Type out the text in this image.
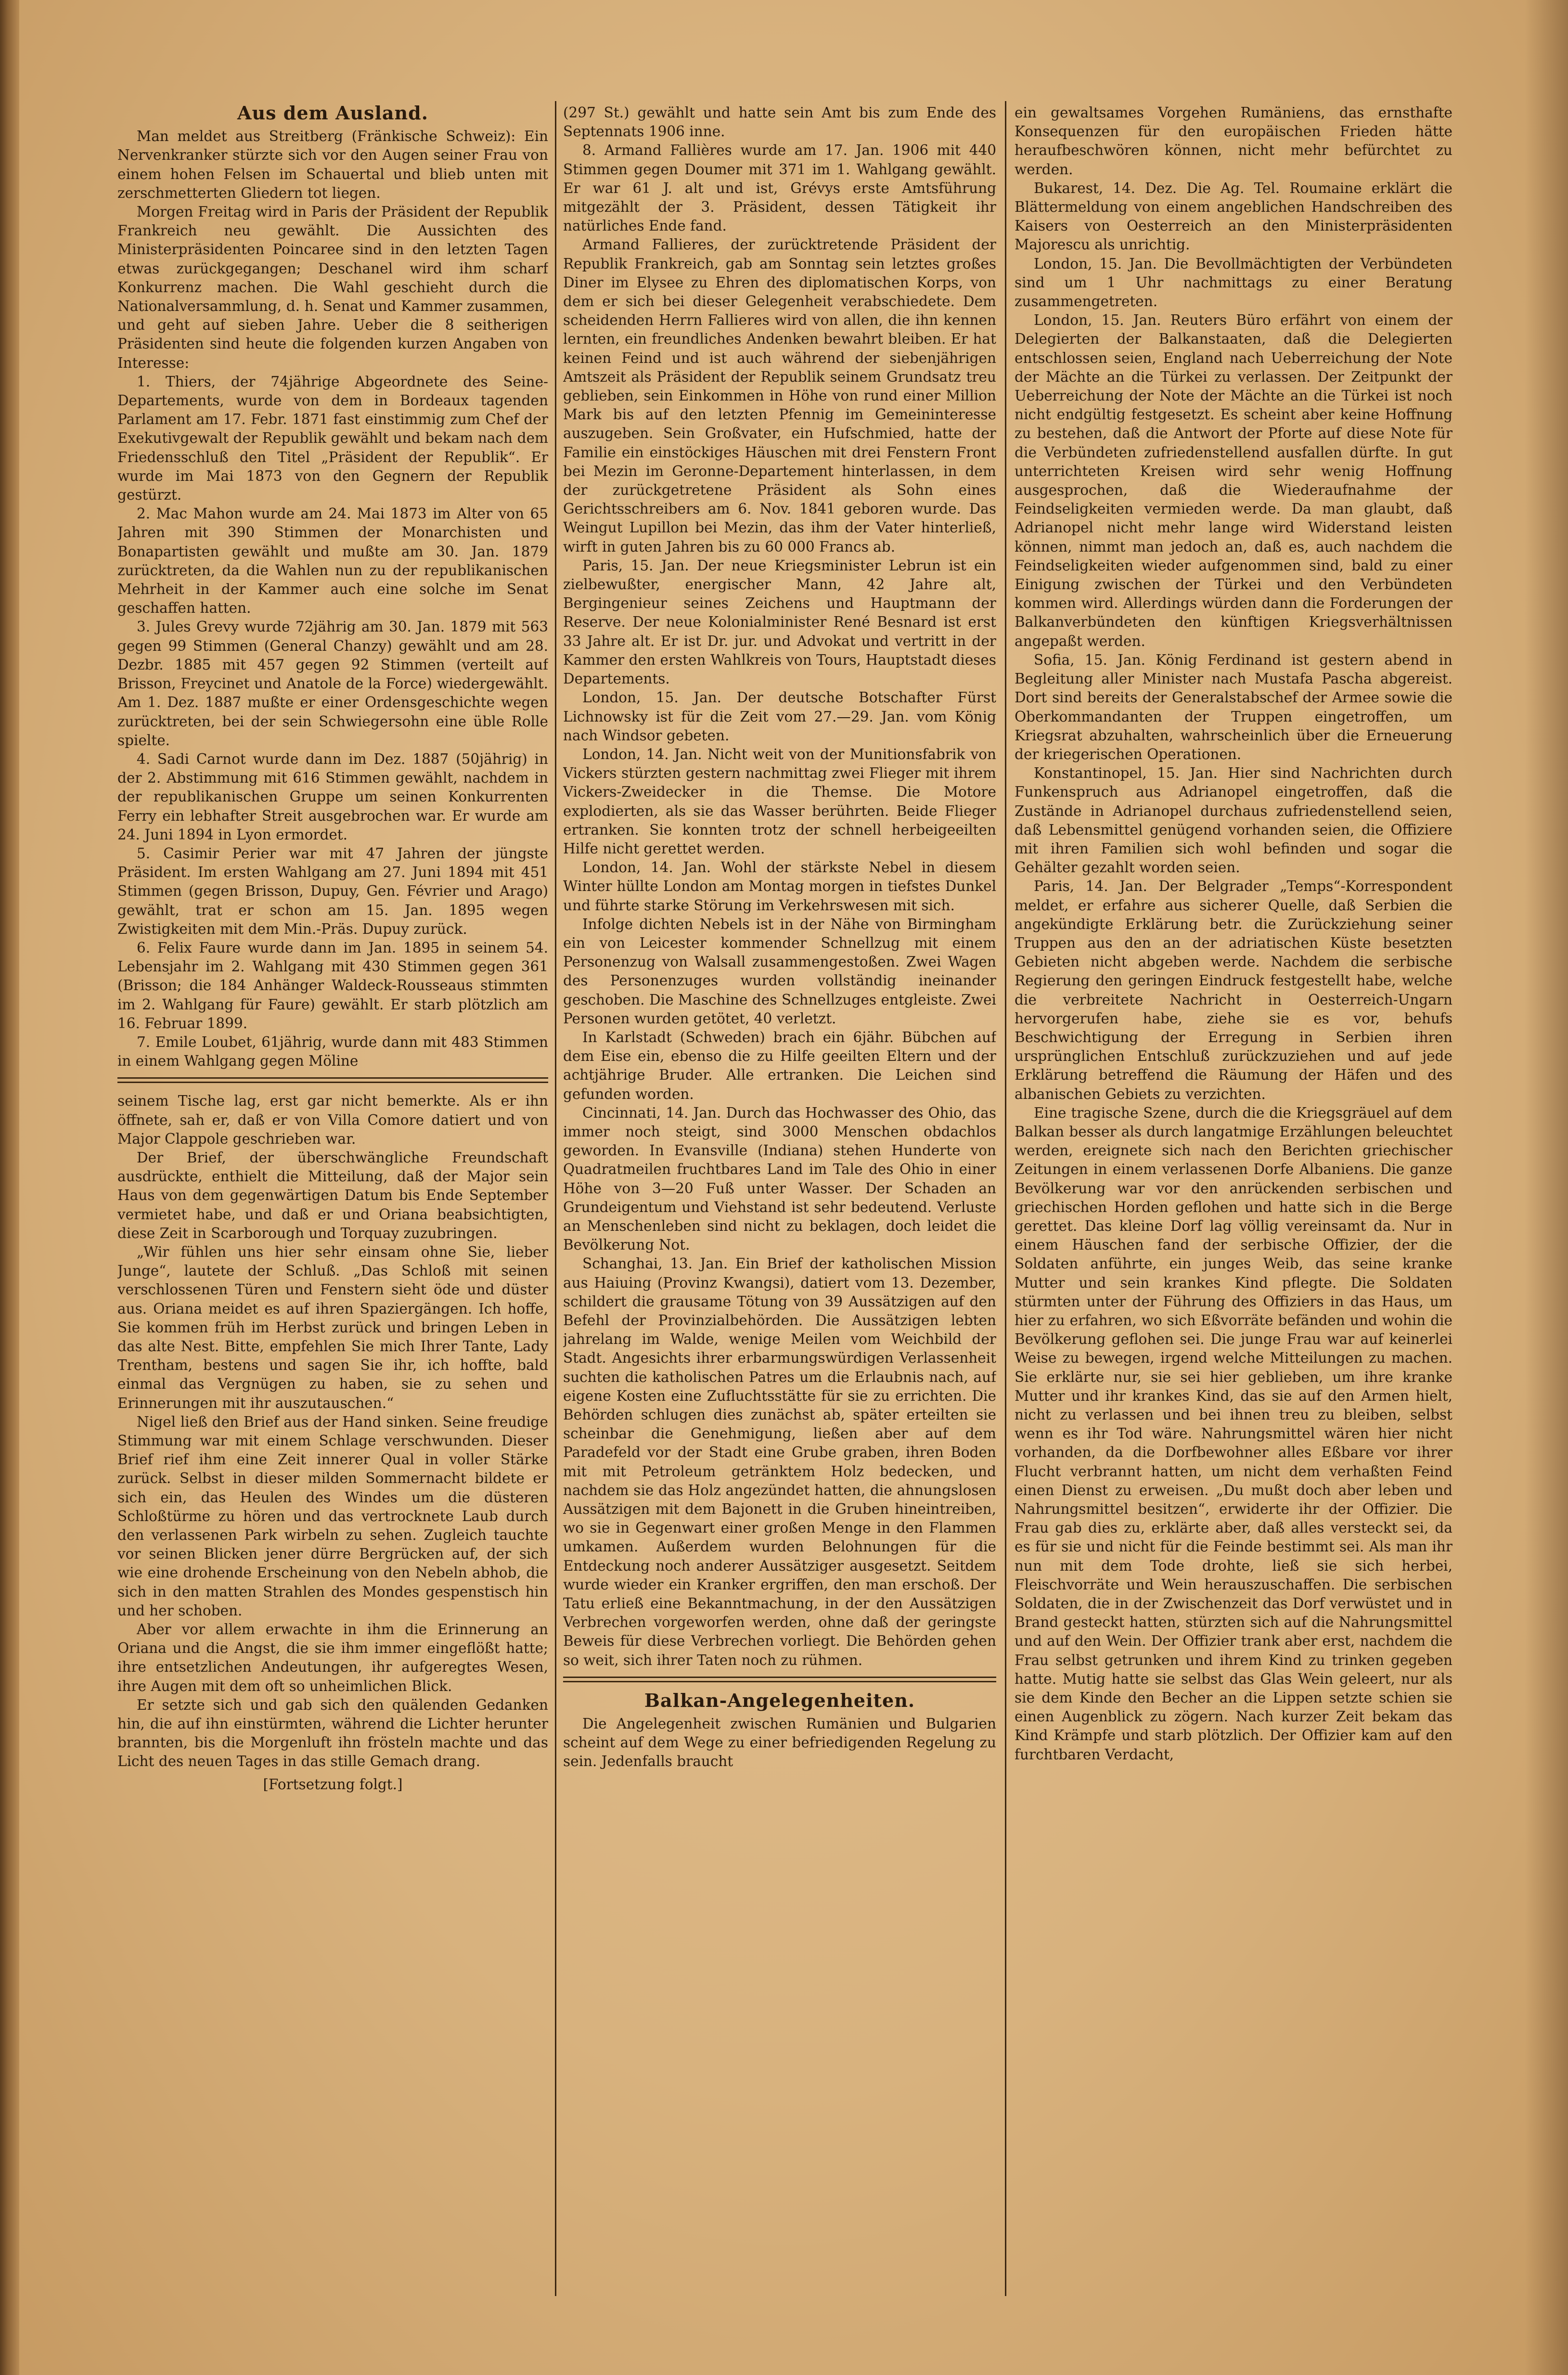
Aus dem Ausland.

Man meldet aus Streitberg (Fränkische Schweiz): Ein Nervenkranker stürzte sich vor den Augen seiner Frau von einem hohen Felsen im Schauertal und blieb unten mit zerschmetterten Gliedern tot liegen.

Morgen Freitag wird in Paris der Präsident der Republik Frankreich neu gewählt. Die Aussichten des Ministerpräsidenten Poincaree sind in den letzten Tagen etwas zurückgegangen; Deschanel wird ihm scharf Konkurrenz machen. Die Wahl geschieht durch die Nationalversammlung, d. h. Senat und Kammer zusammen, und geht auf sieben Jahre. Ueber die 8 seitherigen Präsidenten sind heute die folgenden kurzen Angaben von Interesse:

1. Thiers, der 74jährige Abgeordnete des Seine-Departements, wurde von dem in Bordeaux tagenden Parlament am 17. Febr. 1871 fast einstimmig zum Chef der Exekutivgewalt der Republik gewählt und bekam nach dem Friedensschluß den Titel „Präsident der Republik“. Er wurde im Mai 1873 von den Gegnern der Republik gestürzt.

2. Mac Mahon wurde am 24. Mai 1873 im Alter von 65 Jahren mit 390 Stimmen der Monarchisten und Bonapartisten gewählt und mußte am 30. Jan. 1879 zurücktreten, da die Wahlen nun zu der republikanischen Mehrheit in der Kammer auch eine solche im Senat geschaffen hatten.

3. Jules Grevy wurde 72jährig am 30. Jan. 1879 mit 563 gegen 99 Stimmen (General Chanzy) gewählt und am 28. Dezbr. 1885 mit 457 gegen 92 Stimmen (verteilt auf Brisson, Freycinet und Anatole de la Force) wiedergewählt. Am 1. Dez. 1887 mußte er einer Ordensgeschichte wegen zurücktreten, bei der sein Schwiegersohn eine üble Rolle spielte.

4. Sadi Carnot wurde dann im Dez. 1887 (50jährig) in der 2. Abstimmung mit 616 Stimmen gewählt, nachdem in der republikanischen Gruppe um seinen Konkurrenten Ferry ein lebhafter Streit ausgebrochen war. Er wurde am 24. Juni 1894 in Lyon ermordet.

5. Casimir Perier war mit 47 Jahren der jüngste Präsident. Im ersten Wahlgang am 27. Juni 1894 mit 451 Stimmen (gegen Brisson, Dupuy, Gen. Février und Arago) gewählt, trat er schon am 15. Jan. 1895 wegen Zwistigkeiten mit dem Min.-Präs. Dupuy zurück.

6. Felix Faure wurde dann im Jan. 1895 in seinem 54. Lebensjahr im 2. Wahlgang mit 430 Stimmen gegen 361 (Brisson; die 184 Anhänger Waldeck-Rousseaus stimmten im 2. Wahlgang für Faure) gewählt. Er starb plötzlich am 16. Februar 1899.

7. Emile Loubet, 61jährig, wurde dann mit 483 Stimmen in einem Wahlgang gegen Möline

seinem Tische lag, erst gar nicht bemerkte. Als er ihn öffnete, sah er, daß er von Villa Comore datiert und von Major Clappole geschrieben war.

Der Brief, der überschwängliche Freundschaft ausdrückte, enthielt die Mitteilung, daß der Major sein Haus von dem gegenwärtigen Datum bis Ende September vermietet habe, und daß er und Oriana beabsichtigten, diese Zeit in Scarborough und Torquay zuzubringen.

„Wir fühlen uns hier sehr einsam ohne Sie, lieber Junge“, lautete der Schluß. „Das Schloß mit seinen verschlossenen Türen und Fenstern sieht öde und düster aus. Oriana meidet es auf ihren Spaziergängen. Ich hoffe, Sie kommen früh im Herbst zurück und bringen Leben in das alte Nest. Bitte, empfehlen Sie mich Ihrer Tante, Lady Trentham, bestens und sagen Sie ihr, ich hoffte, bald einmal das Vergnügen zu haben, sie zu sehen und Erinnerungen mit ihr auszutauschen.“

Nigel ließ den Brief aus der Hand sinken. Seine freudige Stimmung war mit einem Schlage verschwunden. Dieser Brief rief ihm eine Zeit innerer Qual in voller Stärke zurück. Selbst in dieser milden Sommernacht bildete er sich ein, das Heulen des Windes um die düsteren Schloßtürme zu hören und das vertrocknete Laub durch den verlassenen Park wirbeln zu sehen. Zugleich tauchte vor seinen Blicken jener dürre Bergrücken auf, der sich wie eine drohende Erscheinung von den Nebeln abhob, die sich in den matten Strahlen des Mondes gespenstisch hin und her schoben.

Aber vor allem erwachte in ihm die Erinnerung an Oriana und die Angst, die sie ihm immer eingeflößt hatte; ihre entsetzlichen Andeutungen, ihr aufgeregtes Wesen, ihre Augen mit dem oft so unheimlichen Blick.

Er setzte sich und gab sich den quälenden Gedanken hin, die auf ihn einstürmten, während die Lichter herunter brannten, bis die Morgenluft ihn frösteln machte und das Licht des neuen Tages in das stille Gemach drang.

[Fortsetzung folgt.]

(297 St.) gewählt und hatte sein Amt bis zum Ende des Septennats 1906 inne.

8. Armand Fallières wurde am 17. Jan. 1906 mit 440 Stimmen gegen Doumer mit 371 im 1. Wahlgang gewählt. Er war 61 J. alt und ist, Grévys erste Amtsführung mitgezählt der 3. Präsident, dessen Tätigkeit ihr natürliches Ende fand.

Armand Fallieres, der zurücktretende Präsident der Republik Frankreich, gab am Sonntag sein letztes großes Diner im Elysee zu Ehren des diplomatischen Korps, von dem er sich bei dieser Gelegenheit verabschiedete. Dem scheidenden Herrn Fallieres wird von allen, die ihn kennen lernten, ein freundliches Andenken bewahrt bleiben. Er hat keinen Feind und ist auch während der siebenjährigen Amtszeit als Präsident der Republik seinem Grundsatz treu geblieben, sein Einkommen in Höhe von rund einer Million Mark bis auf den letzten Pfennig im Gemeininteresse auszugeben. Sein Großvater, ein Hufschmied, hatte der Familie ein einstöckiges Häuschen mit drei Fenstern Front bei Mezin im Geronne-Departement hinterlassen, in dem der zurückgetretene Präsident als Sohn eines Gerichtsschreibers am 6. Nov. 1841 geboren wurde. Das Weingut Lupillon bei Mezin, das ihm der Vater hinterließ, wirft in guten Jahren bis zu 60 000 Francs ab.

Paris, 15. Jan. Der neue Kriegsminister Lebrun ist ein zielbewußter, energischer Mann, 42 Jahre alt, Bergingenieur seines Zeichens und Hauptmann der Reserve. Der neue Kolonialminister René Besnard ist erst 33 Jahre alt. Er ist Dr. jur. und Advokat und vertritt in der Kammer den ersten Wahlkreis von Tours, Hauptstadt dieses Departements.

London, 15. Jan. Der deutsche Botschafter Fürst Lichnowsky ist für die Zeit vom 27.—29. Jan. vom König nach Windsor gebeten.

London, 14. Jan. Nicht weit von der Munitionsfabrik von Vickers stürzten gestern nachmittag zwei Flieger mit ihrem Vickers-Zweidecker in die Themse. Die Motore explodierten, als sie das Wasser berührten. Beide Flieger ertranken. Sie konnten trotz der schnell herbeigeeilten Hilfe nicht gerettet werden.

London, 14. Jan. Wohl der stärkste Nebel in diesem Winter hüllte London am Montag morgen in tiefstes Dunkel und führte starke Störung im Verkehrswesen mit sich.

Infolge dichten Nebels ist in der Nähe von Birmingham ein von Leicester kommender Schnellzug mit einem Personenzug von Walsall zusammengestoßen. Zwei Wagen des Personenzuges wurden vollständig ineinander geschoben. Die Maschine des Schnellzuges entgleiste. Zwei Personen wurden getötet, 40 verletzt.

In Karlstadt (Schweden) brach ein 6jähr. Bübchen auf dem Eise ein, ebenso die zu Hilfe geeilten Eltern und der achtjährige Bruder. Alle ertranken. Die Leichen sind gefunden worden.

Cincinnati, 14. Jan. Durch das Hochwasser des Ohio, das immer noch steigt, sind 3000 Menschen obdachlos geworden. In Evansville (Indiana) stehen Hunderte von Quadratmeilen fruchtbares Land im Tale des Ohio in einer Höhe von 3—20 Fuß unter Wasser. Der Schaden an Grundeigentum und Viehstand ist sehr bedeutend. Verluste an Menschenleben sind nicht zu beklagen, doch leidet die Bevölkerung Not.

Schanghai, 13. Jan. Ein Brief der katholischen Mission aus Haiuing (Provinz Kwangsi), datiert vom 13. Dezember, schildert die grausame Tötung von 39 Aussätzigen auf den Befehl der Provinzialbehörden. Die Aussätzigen lebten jahrelang im Walde, wenige Meilen vom Weichbild der Stadt. Angesichts ihrer erbarmungswürdigen Verlassenheit suchten die katholischen Patres um die Erlaubnis nach, auf eigene Kosten eine Zufluchtsstätte für sie zu errichten. Die Behörden schlugen dies zunächst ab, später erteilten sie scheinbar die Genehmigung, ließen aber auf dem Paradefeld vor der Stadt eine Grube graben, ihren Boden mit mit Petroleum getränktem Holz bedecken, und nachdem sie das Holz angezündet hatten, die ahnungslosen Aussätzigen mit dem Bajonett in die Gruben hineintreiben, wo sie in Gegenwart einer großen Menge in den Flammen umkamen. Außerdem wurden Belohnungen für die Entdeckung noch anderer Aussätziger ausgesetzt. Seitdem wurde wieder ein Kranker ergriffen, den man erschoß. Der Tatu erließ eine Bekanntmachung, in der den Aussätzigen Verbrechen vorgeworfen werden, ohne daß der geringste Beweis für diese Verbrechen vorliegt. Die Behörden gehen so weit, sich ihrer Taten noch zu rühmen.

Balkan-Angelegenheiten.

Die Angelegenheit zwischen Rumänien und Bulgarien scheint auf dem Wege zu einer befriedigenden Regelung zu sein. Jedenfalls braucht

ein gewaltsames Vorgehen Rumäniens, das ernsthafte Konsequenzen für den europäischen Frieden hätte heraufbeschwören können, nicht mehr befürchtet zu werden.

Bukarest, 14. Dez. Die Ag. Tel. Roumaine erklärt die Blättermeldung von einem angeblichen Handschreiben des Kaisers von Oesterreich an den Ministerpräsidenten Majorescu als unrichtig.

London, 15. Jan. Die Bevollmächtigten der Verbündeten sind um 1 Uhr nachmittags zu einer Beratung zusammengetreten.

London, 15. Jan. Reuters Büro erfährt von einem der Delegierten der Balkanstaaten, daß die Delegierten entschlossen seien, England nach Ueberreichung der Note der Mächte an die Türkei zu verlassen. Der Zeitpunkt der Ueberreichung der Note der Mächte an die Türkei ist noch nicht endgültig festgesetzt. Es scheint aber keine Hoffnung zu bestehen, daß die Antwort der Pforte auf diese Note für die Verbündeten zufriedenstellend ausfallen dürfte. In gut unterrichteten Kreisen wird sehr wenig Hoffnung ausgesprochen, daß die Wiederaufnahme der Feindseligkeiten vermieden werde. Da man glaubt, daß Adrianopel nicht mehr lange wird Widerstand leisten können, nimmt man jedoch an, daß es, auch nachdem die Feindseligkeiten wieder aufgenommen sind, bald zu einer Einigung zwischen der Türkei und den Verbündeten kommen wird. Allerdings würden dann die Forderungen der Balkanverbündeten den künftigen Kriegsverhältnissen angepaßt werden.

Sofia, 15. Jan. König Ferdinand ist gestern abend in Begleitung aller Minister nach Mustafa Pascha abgereist. Dort sind bereits der Generalstabschef der Armee sowie die Oberkommandanten der Truppen eingetroffen, um Kriegsrat abzuhalten, wahrscheinlich über die Erneuerung der kriegerischen Operationen.

Konstantinopel, 15. Jan. Hier sind Nachrichten durch Funkenspruch aus Adrianopel eingetroffen, daß die Zustände in Adrianopel durchaus zufriedenstellend seien, daß Lebensmittel genügend vorhanden seien, die Offiziere mit ihren Familien sich wohl befinden und sogar die Gehälter gezahlt worden seien.

Paris, 14. Jan. Der Belgrader „Temps“-Korrespondent meldet, er erfahre aus sicherer Quelle, daß Serbien die angekündigte Erklärung betr. die Zurückziehung seiner Truppen aus den an der adriatischen Küste besetzten Gebieten nicht abgeben werde. Nachdem die serbische Regierung den geringen Eindruck festgestellt habe, welche die verbreitete Nachricht in Oesterreich-Ungarn hervorgerufen habe, ziehe sie es vor, behufs Beschwichtigung der Erregung in Serbien ihren ursprünglichen Entschluß zurückzuziehen und auf jede Erklärung betreffend die Räumung der Häfen und des albanischen Gebiets zu verzichten.

Eine tragische Szene, durch die die Kriegsgräuel auf dem Balkan besser als durch langatmige Erzählungen beleuchtet werden, ereignete sich nach den Berichten griechischer Zeitungen in einem verlassenen Dorfe Albaniens. Die ganze Bevölkerung war vor den anrückenden serbischen und griechischen Horden geflohen und hatte sich in die Berge gerettet. Das kleine Dorf lag völlig vereinsamt da. Nur in einem Häuschen fand der serbische Offizier, der die Soldaten anführte, ein junges Weib, das seine kranke Mutter und sein krankes Kind pflegte. Die Soldaten stürmten unter der Führung des Offiziers in das Haus, um hier zu erfahren, wo sich Eßvorräte befänden und wohin die Bevölkerung geflohen sei. Die junge Frau war auf keinerlei Weise zu bewegen, irgend welche Mitteilungen zu machen. Sie erklärte nur, sie sei hier geblieben, um ihre kranke Mutter und ihr krankes Kind, das sie auf den Armen hielt, nicht zu verlassen und bei ihnen treu zu bleiben, selbst wenn es ihr Tod wäre. Nahrungsmittel wären hier nicht vorhanden, da die Dorfbewohner alles Eßbare vor ihrer Flucht verbrannt hatten, um nicht dem verhaßten Feind einen Dienst zu erweisen. „Du mußt doch aber leben und Nahrungsmittel besitzen“, erwiderte ihr der Offizier. Die Frau gab dies zu, erklärte aber, daß alles versteckt sei, da es für sie und nicht für die Feinde bestimmt sei. Als man ihr nun mit dem Tode drohte, ließ sie sich herbei, Fleischvorräte und Wein herauszuschaffen. Die serbischen Soldaten, die in der Zwischenzeit das Dorf verwüstet und in Brand gesteckt hatten, stürzten sich auf die Nahrungsmittel und auf den Wein. Der Offizier trank aber erst, nachdem die Frau selbst getrunken und ihrem Kind zu trinken gegeben hatte. Mutig hatte sie selbst das Glas Wein geleert, nur als sie dem Kinde den Becher an die Lippen setzte schien sie einen Augenblick zu zögern. Nach kurzer Zeit bekam das Kind Krämpfe und starb plötzlich. Der Offizier kam auf den furchtbaren Verdacht,
